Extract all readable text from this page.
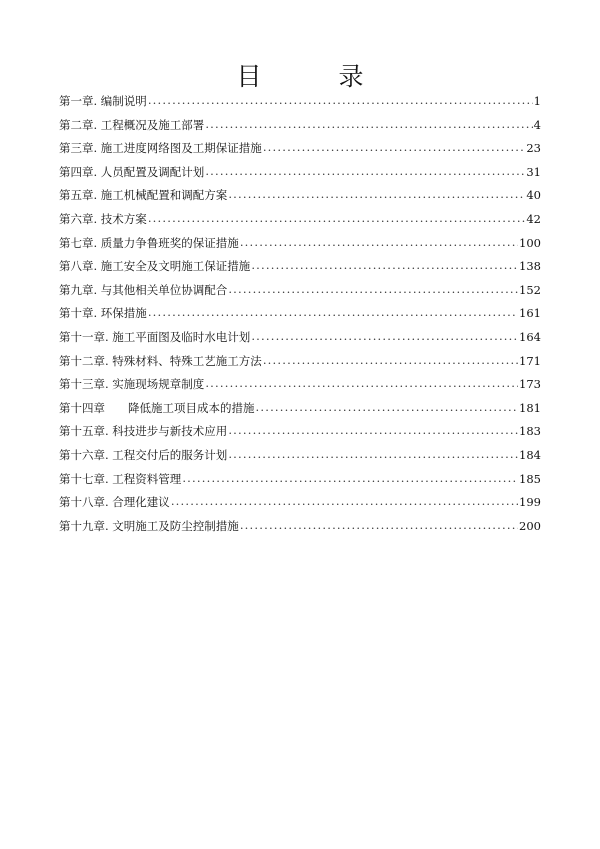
目　录
第一章. 编制说明 .....	1
第二章. 工程概况及施工部署 .....	4
第三章. 施工进度网络图及工期保证措施 .....	23
第四章. 人员配置及调配计划 .....	31
第五章. 施工机械配置和调配方案 .....	40
第六章. 技术方案 .....	42
第七章. 质量力争鲁班奖的保证措施 .....	100
第八章. 施工安全及文明施工保证措施 .....	138
第九章. 与其他相关单位协调配合 .....	152
第十章. 环保措施 .....	161
第十一章. 施工平面图及临时水电计划 .....	164
第十二章. 特殊材料、特殊工艺施工方法 .....	171
第十三章. 实施现场规章制度 .....	173
第十四章　　降低施工项目成本的措施 .....	181
第十五章. 科技进步与新技术应用 .....	183
第十六章. 工程交付后的服务计划 .....	184
第十七章. 工程资料管理 .....	185
第十八章. 合理化建议 .....	199
第十九章. 文明施工及防尘控制措施 .....	200
